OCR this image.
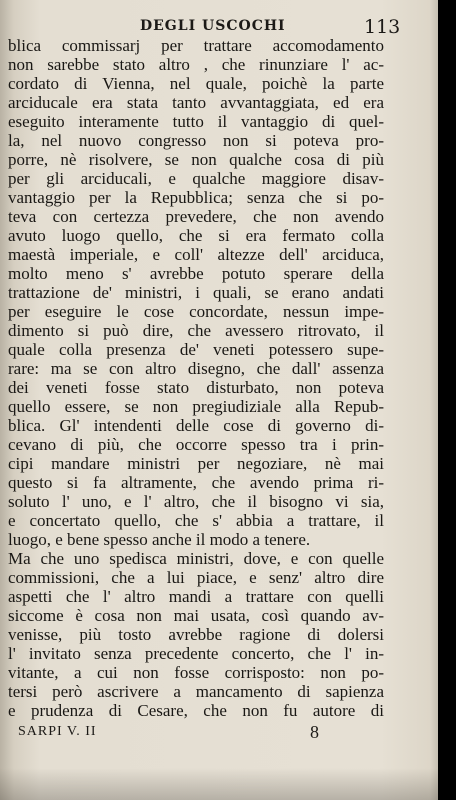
DEGLI USCOCHI	113
blica commissarj per trattare accomodamento
non sarebbe stato altro , che rinunziare l' ac-
cordato di Vienna, nel quale, poichè la parte
arciducale era stata tanto avvantaggiata, ed era
eseguito interamente tutto il vantaggio di quel-
la, nel nuovo congresso non si poteva pro-
porre, nè risolvere, se non qualche cosa di più
per gli arciducali, e qualche maggiore disav-
vantaggio per la Repubblica; senza che si po-
teva con certezza prevedere, che non avendo
avuto luogo quello, che si era fermato colla
maestà imperiale, e coll' altezze dell' arciduca,
molto meno s' avrebbe potuto sperare della
trattazione de' ministri, i quali, se erano andati
per eseguire le cose concordate, nessun impe-
dimento si può dire, che avessero ritrovato, il
quale colla presenza de' veneti potessero supe-
rare: ma se con altro disegno, che dall' assenza
dei veneti fosse stato disturbato, non poteva
quello essere, se non pregiudiziale alla Repub-
blica. Gl' intendenti delle cose di governo di-
cevano di più, che occorre spesso tra i prin-
cipi mandare ministri per negoziare, nè mai
questo si fa altramente, che avendo prima ri-
soluto l' uno, e l' altro, che il bisogno vi sia,
e concertato quello, che s' abbia a trattare, il
luogo, e bene spesso anche il modo a tenere.
Ma che uno spedisca ministri, dove, e con quelle
commissioni, che a lui piace, e senz' altro dire
aspetti che l' altro mandi a trattare con quelli
siccome è cosa non mai usata, così quando av-
venisse, più tosto avrebbe ragione di dolersi
l' invitato senza precedente concerto, che l' in-
vitante, a cui non fosse corrisposto: non po-
tersi però ascrivere a mancamento di sapienza
e prudenza di Cesare, che non fu autore di
SARPI V. II	8
